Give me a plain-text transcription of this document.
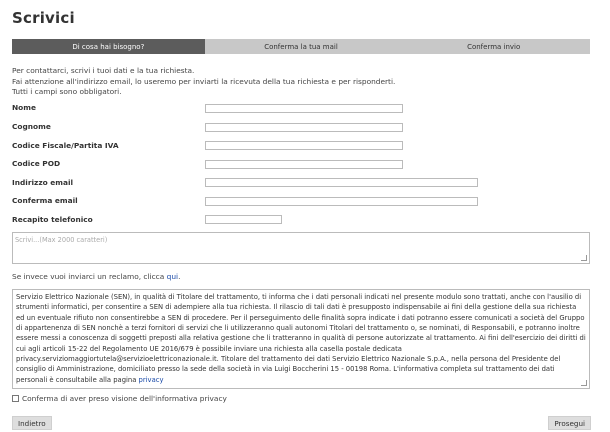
Scrivici
Di cosa hai bisogno?	Conferma la tua mail	Conferma invio
Per contattarci, scrivi i tuoi dati e la tua richiesta.
Fai attenzione all'indirizzo email, lo useremo per inviarti la ricevuta della tua richiesta e per risponderti.
Tutti i campi sono obbligatori.
Nome
Cognome
Codice Fiscale/Partita IVA
Codice POD
Indirizzo email
Conferma email
Recapito telefonico
Scrivi...(Max 2000 caratteri)
Se invece vuoi inviarci un reclamo, clicca qui.
Servizio Elettrico Nazionale (SEN), in qualità di Titolare del trattamento, ti informa che i dati personali indicati nel presente modulo sono trattati, anche con l'ausilio di strumenti informatici, per consentire a SEN di adempiere alla tua richiesta. Il rilascio di tali dati è presupposto indispensabile ai fini della gestione della sua richiesta ed un eventuale rifiuto non consentirebbe a SEN di procedere. Per il perseguimento delle finalità sopra indicate i dati potranno essere comunicati a società del Gruppo di appartenenza di SEN nonchè a terzi fornitori di servizi che li utilizzeranno quali autonomi Titolari del trattamento o, se nominati, di Responsabili, e potranno inoltre essere messi a conoscenza di soggetti preposti alla relativa gestione che li tratteranno in qualità di persone autorizzate al trattamento. Ai fini dell'esercizio dei diritti di cui agli articoli 15-22 del Regolamento UE 2016/679 è possibile inviare una richiesta alla casella postale dedicata privacy.serviziomaggiortutela@servizioelettriconazionale.it. Titolare del trattamento dei dati Servizio Elettrico Nazionale S.p.A., nella persona del Presidente del consiglio di Amministrazione, domiciliato presso la sede della società in via Luigi Boccherini 15 - 00198 Roma. L'informativa completa sul trattamento dei dati personali è consultabile alla pagina privacy
Conferma di aver preso visione dell'informativa privacy
Indietro	Prosegui
